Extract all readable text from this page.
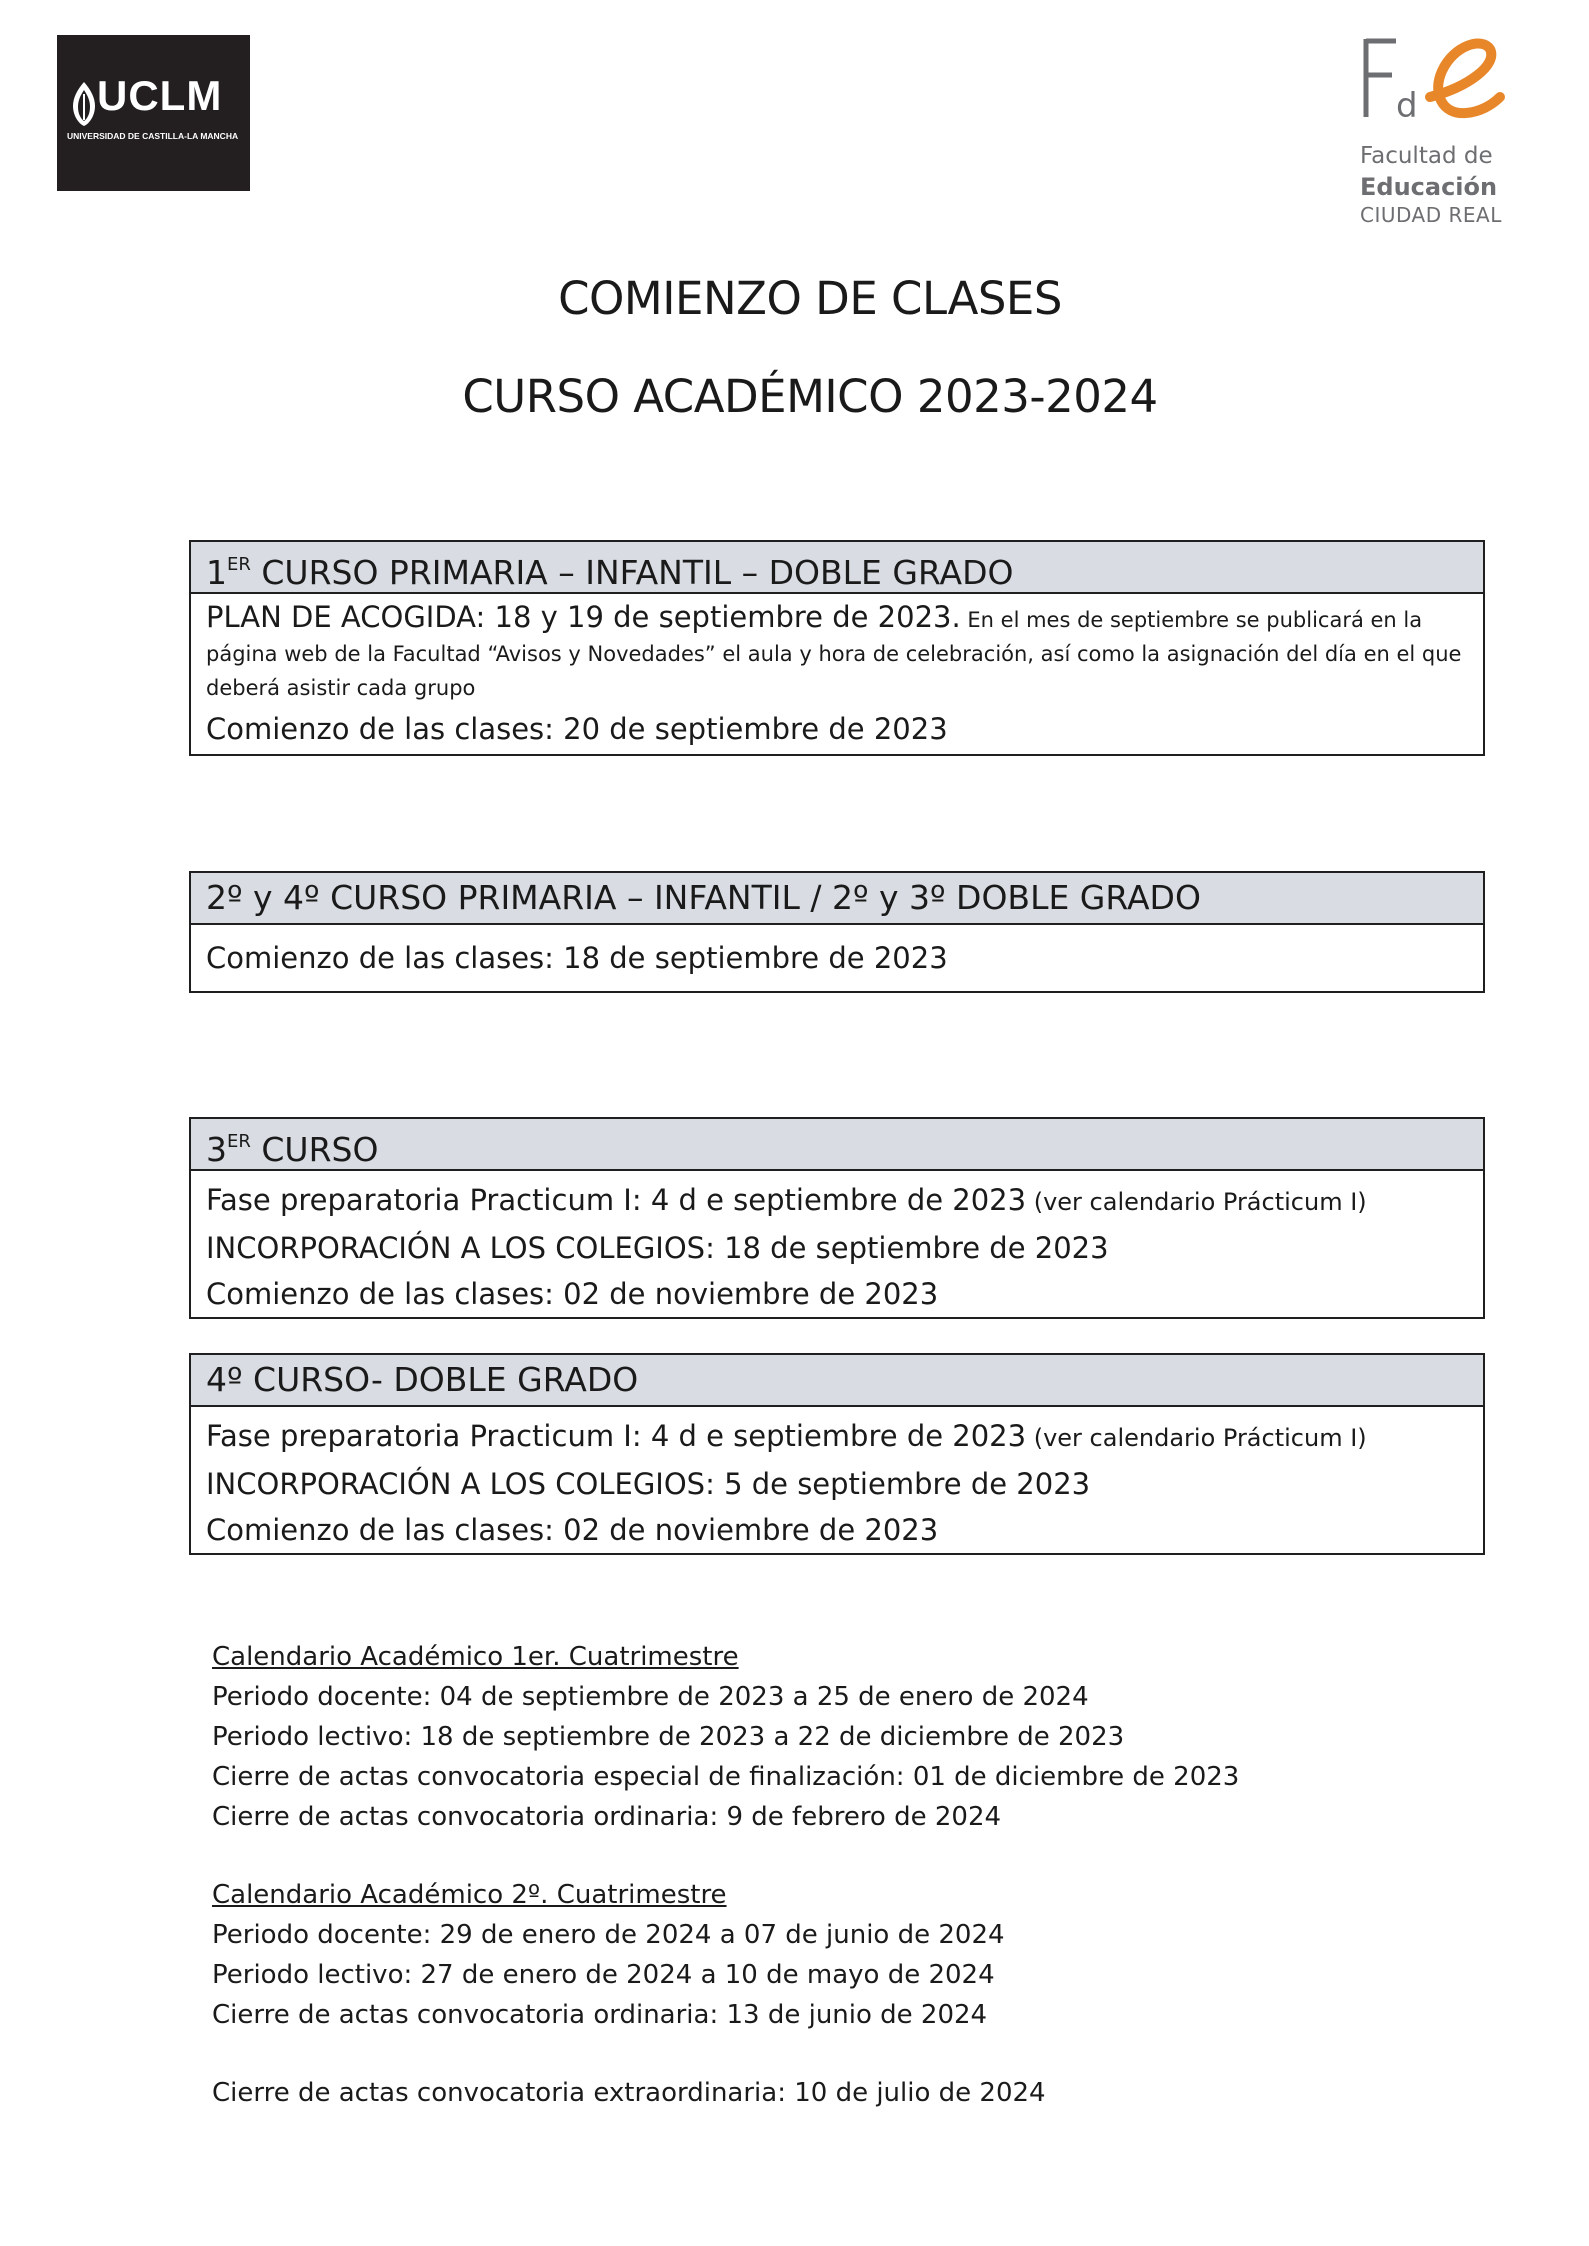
UCLM
UNIVERSIDAD DE CASTILLA-LA MANCHA
d
Facultad de
Educación
CIUDAD REAL
COMIENZO DE CLASES
CURSO ACADÉMICO 2023-2024
1ER CURSO PRIMARIA – INFANTIL – DOBLE GRADO
PLAN DE ACOGIDA: 18 y 19 de septiembre de 2023. En el mes de septiembre se publicará en la página web de la Facultad “Avisos y Novedades” el aula y hora de celebración, así como la asignación del día en el que deberá asistir cada grupo
Comienzo de las clases: 20 de septiembre de 2023
2º y 4º CURSO PRIMARIA – INFANTIL / 2º y 3º DOBLE GRADO
Comienzo de las clases: 18 de septiembre de 2023
3ER CURSO
Fase preparatoria Practicum I: 4 d e septiembre de 2023 (ver calendario Prácticum I)
INCORPORACIÓN A LOS COLEGIOS: 18 de septiembre de 2023
Comienzo de las clases: 02 de noviembre de 2023
4º CURSO- DOBLE GRADO
Fase preparatoria Practicum I: 4 d e septiembre de 2023 (ver calendario Prácticum I)
INCORPORACIÓN A LOS COLEGIOS: 5 de septiembre de 2023
Comienzo de las clases: 02 de noviembre de 2023
Calendario Académico 1er. Cuatrimestre
Periodo docente: 04 de septiembre de 2023 a 25 de enero de 2024
Periodo lectivo: 18 de septiembre de 2023 a 22 de diciembre de 2023
Cierre de actas convocatoria especial de finalización: 01 de diciembre de 2023
Cierre de actas convocatoria ordinaria: 9 de febrero de 2024
Calendario Académico 2º. Cuatrimestre
Periodo docente: 29 de enero de 2024 a 07 de junio de 2024
Periodo lectivo: 27 de enero de 2024 a 10 de mayo de 2024
Cierre de actas convocatoria ordinaria: 13 de junio de 2024
Cierre de actas convocatoria extraordinaria: 10 de julio de 2024
